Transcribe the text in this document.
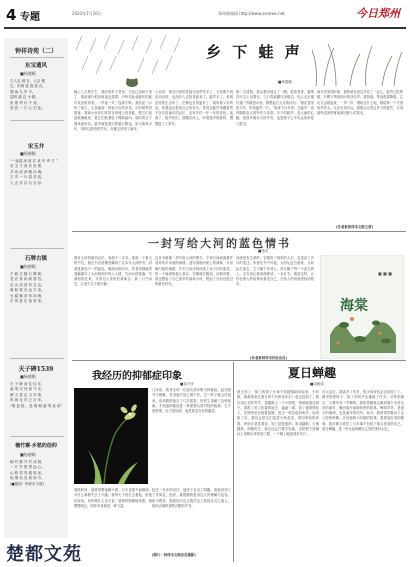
4 专题	2023年7月10日	郑州新闻网 http://www.zznews.net	今日郑州
钟祥诗苑（二）
东宝遗风
■杨德顺
古人去 城 在，人去 楼
空。东城 遗 迹 犹 存，
烟 雨 鸟 声 中。
昆明 湖 边 小 路，
寂 寞 华 灯 千 寿，
回 首 一 片 心 归 处。
宋玉井
■杨德顺
“一壶清 冽 汲 井 泉 中 秀 才 ”
宋 玉 才 高 后 世 尊，
井 泉 清 冽 酿 诗 魂。
古 亭 一 片 碧 苔 痕，
人 去 井 存 名 亦 存。
石牌古镇
■杨德顺
千 载 古 镇 石 牌 街，
老 店 青 砖 映 碧 苔。
汉 水 滔 滔 东 去 也，
商 船 曾 自 远 方 来。
豆 腐 飘 香 传 四 海，
古 风 犹 在 客 常 来。
天子碑1539
■杨德顺
天 子 碑 前 忆 往 年，
嘉 靖 兴 邦 意 气 先。
碑 文 犹 记 当 年 事，
风 雨 无 声 已 百 年。
“明 显 陵 ，是 明 朝 嘉 靖 皇 帝”
楠竹寨·乡愁的信仰
■杨德顺
楠 竹 寨 外 竹 成 林，
一 片 乡 愁 寄 远 心。
山 路 弯 弯 通 故 里，
炊 烟 袅 袅 到 如 今。
(■插图：钟祥市文联)
楚都文苑
乡 下 蛙 声
■杨德顺
晚上七点钟左右，我回到乡下老家。天色已经暗下来了，屋前那片稻田被夜色笼罩，只听见此起彼伏的蛙声从田里传来，一声接一声，连绵不断。我站在门口听了很久，心里涌起一种说不出的亲切。小时候每到夏夜，我和小伙伴们常常在田埂上捉青蛙，把它们放进玻璃瓶里，看它们鼓着肚子呱呱地叫。那时的日子简单而快乐，蛙声就是我们的夏日歌谣。如今离家多年，再听这熟悉的声音，仿佛又回到了童年。
父亲说，现在田里的青蛙比前些年多了，大家都不再乱用农药，也没有人去捉青蛙卖了。蛙声多了，说明田里的生态好了，庄稼也长得更好了。我听着父亲的话，看着远处星星点点的灯火，觉得这蛙声里藏着的不仅仅是童年的记忆，还有乡村一年一年的变化。夜深了，蛙声依旧，我躺在床上，听着窗外的蛙鸣，慢慢进入了梦乡。
第二天清晨，我沿着田埂走了一圈。稻苗青青，露珠在叶尖上闪着光，几只青蛙蹲在田埂边，见人走近便扑通一声跳进水里。我想起古人写的诗句：“稻花香里说丰年，听取蛙声一片。”原来千百年来，这蛙声一直伴随着农人的劳作与希望。乡下的蛙声，是大地的心跳，是故乡最动人的声音，也是游子心中永远的牵挂与思念。
离开老家的时候，我特意在田边多站了一会儿。蛙声已经停歇，只剩下风吹稻叶的沙沙声。我知道，等到夜幕降临，它们又会唱起来，一声一声，唱给这片土地，唱给每一个守望故乡的人。无论走得多远，我都会记得这乡下的蛙声，记得那些清凉的夏夜和田野上的星光。
(作者系钟祥市文联主席)
一封写给大河的蓝色情书
■杨光
我对大河的最初记忆，来源于一本书。那是一个夏天的午后，我在书店里偶然翻到了这本写大河的书，封面是深浅不一的蓝色，像流动的河水。作者用细腻的笔触描写了大河两岸的风土人情，写河水的涨落，写渔船的往来，写河边人家的悲欢离合。我一口气读完，心里久久不能平静。
这本书就像一封写给大河的情书，字里行间流淌着作者对故乡河流的深情。他写清晨河面上的薄雾，写傍晚归航的渔歌，写冬天结冰的河道上孩子们的欢笑。每一个画面都那么真实，仿佛就在眼前。读着读着，我也想起了自己家乡的那条小河，想起了在河边度过的童年时光。
河流是有生命的，它哺育了两岸的人们，也见证了岁月的变迁。作者在书中写道，大河从远古流来，又向远方流去，它不属于任何人，却又属于每一个爱它的人。这句话让我深深感动。一本好书，就是这样，让你在别人的故事里看见自己，在别人的河流里找到故乡。
(作者系钟祥市作协会员)
■ ■ ■
海棠
我经历的抑郁症印象
■邹兴彦
(图片：钟祥市文联会员摄影)
几年前，我身边的一位朋友被诊断为抑郁症。起初我并不理解，觉得他只是心情不好，过一阵子就会好起来。直到我陪他去了几次医院，听医生讲解了这种疾病，才知道抑郁症是一种需要认真对待的疾病，它不是矫情，也不是软弱，而是真实存在的痛苦。
那段时间，他常常整夜睡不着，白天也提不起精神，对什么事都失去了兴趣。我每天下班后去看他，陪他说说话，有时候什么也不说，就那样静静地坐着。我慢慢明白，陪伴本身就是一种力量。
经过一年多的治疗，他终于走出了阴霾，重新回到了工作岗位。他说，最感谢的是身边人的理解与包容。如今想来，那段经历也让我学会了如何去关心他人，如何去倾听那些沉默的声音。
夏日蝉趣
■周相成
夏天到了，树上的知了开始不知疲倦地叫起来。小时候，我最喜欢在夏日的午后和伙伴们一起去捉知了。我们用长长的竹竿，顶端绑上一个小网兜，悄悄地靠近树干，看准了知了趴着的地方，猛地一罩，知了便被网住了，在网兜里扑棱着翅膀，发出一阵急促的叫声。捉到知了后，我们会把它们放进小纸盒里，带回家给奶奶看。奶奶总是笑着说，知了是报夏的，叫得越响，天就越热。傍晚时分，我们还会打着手电筒，去树根下找刚从土里爬出来的知了猴，一个晚上能捉到好多只。
长大以后，我离开了家乡，很少再有机会去捉知了了。城市里的树少，知了的叫声也稀疏了许多。可每到夏天，只要听见一声蝉鸣，我的思绪就会飘回那个无忧无虑的童年，飘回那片绿荫浓密的树林。蝉鸣声声，是夏天的旋律，也是童年的回声。如今，我常常带着孩子去公园里听蝉，告诉他我小时候的故事，看着他好奇的眼神，我仿佛又看见了当年那个在树下仰头张望的自己。夏日蝉趣，是一份永远珍藏在心底的美好记忆。
